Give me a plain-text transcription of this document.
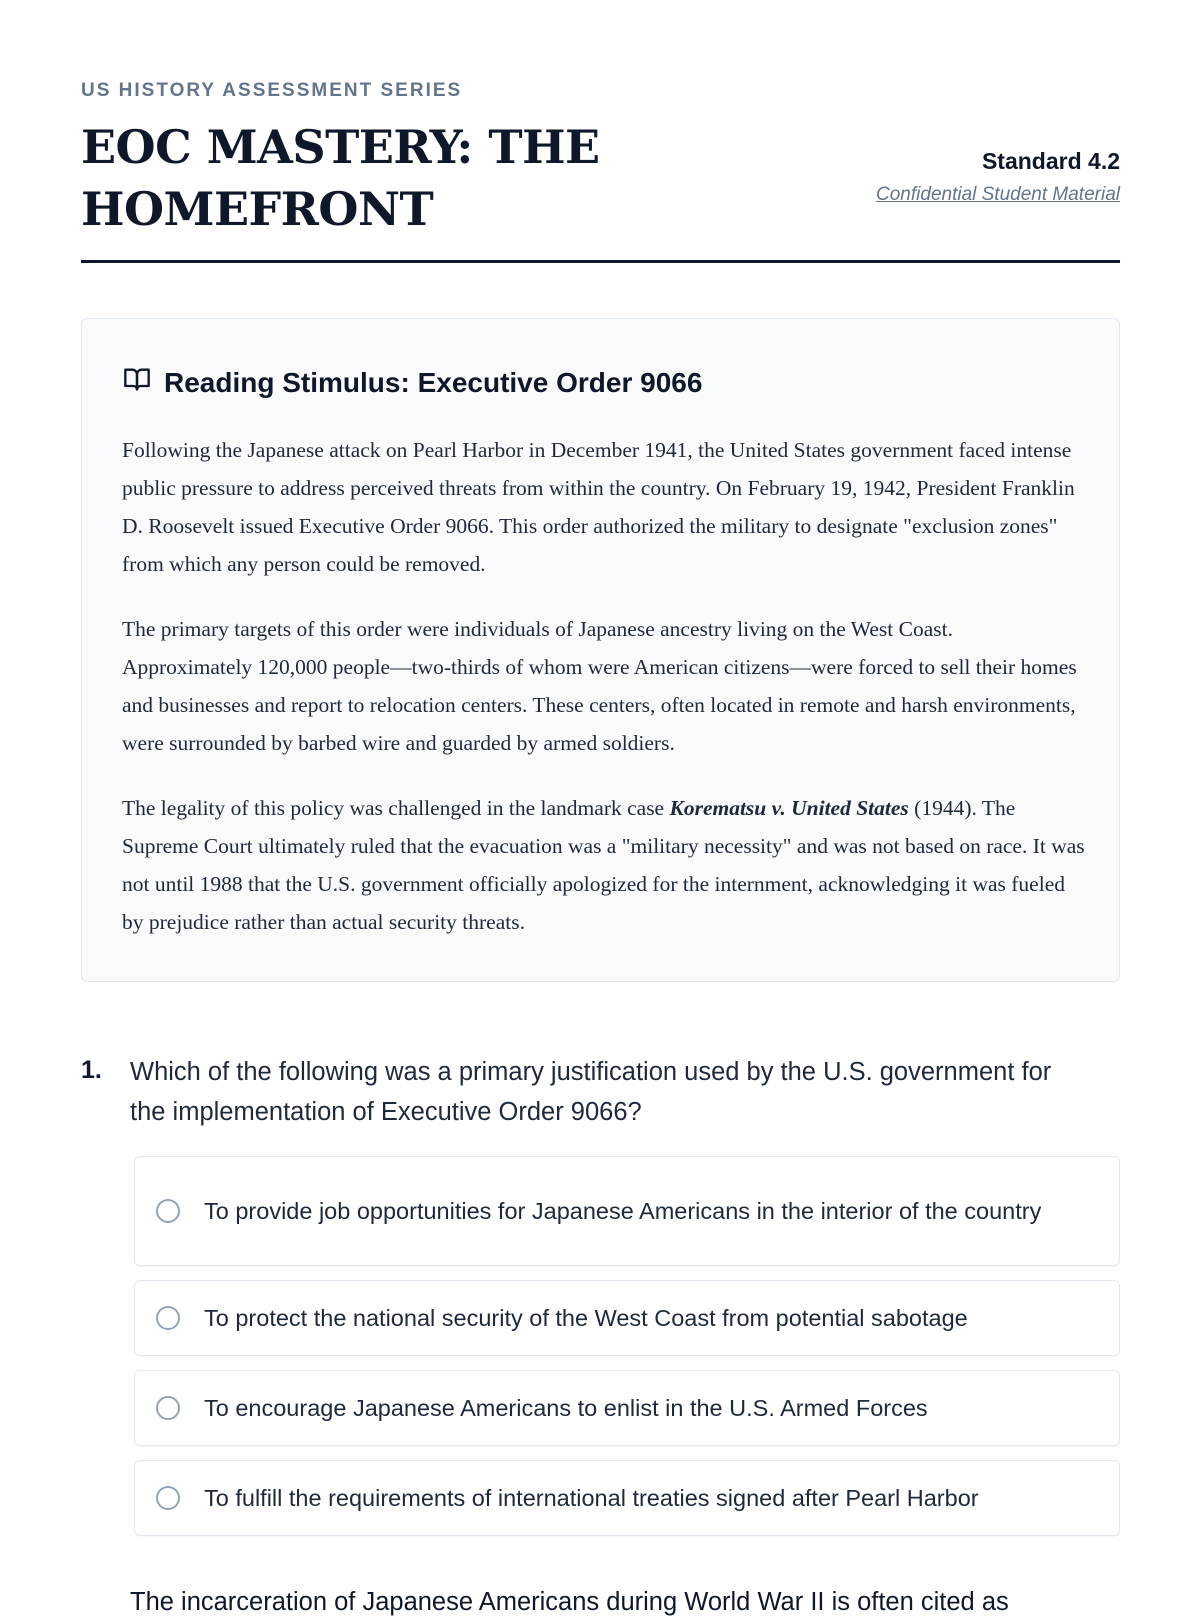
US HISTORY ASSESSMENT SERIES
EOC MASTERY: THE HOMEFRONT
Standard 4.2
Confidential Student Material
Reading Stimulus: Executive Order 9066

Following the Japanese attack on Pearl Harbor in December 1941, the United States government faced intense public pressure to address perceived threats from within the country. On February 19, 1942, President Franklin D. Roosevelt issued Executive Order 9066. This order authorized the military to designate "exclusion zones" from which any person could be removed.

The primary targets of this order were individuals of Japanese ancestry living on the West Coast. Approximately 120,000 people—two-thirds of whom were American citizens—were forced to sell their homes and businesses and report to relocation centers. These centers, often located in remote and harsh environments, were surrounded by barbed wire and guarded by armed soldiers.

The legality of this policy was challenged in the landmark case Korematsu v. United States (1944). The Supreme Court ultimately ruled that the evacuation was a "military necessity" and was not based on race. It was not until 1988 that the U.S. government officially apologized for the internment, acknowledging it was fueled by prejudice rather than actual security threats.

1. Which of the following was a primary justification used by the U.S. government for the implementation of Executive Order 9066?
To provide job opportunities for Japanese Americans in the interior of the country
To protect the national security of the West Coast from potential sabotage
To encourage Japanese Americans to enlist in the U.S. Armed Forces
To fulfill the requirements of international treaties signed after Pearl Harbor
The incarceration of Japanese Americans during World War II is often cited as
